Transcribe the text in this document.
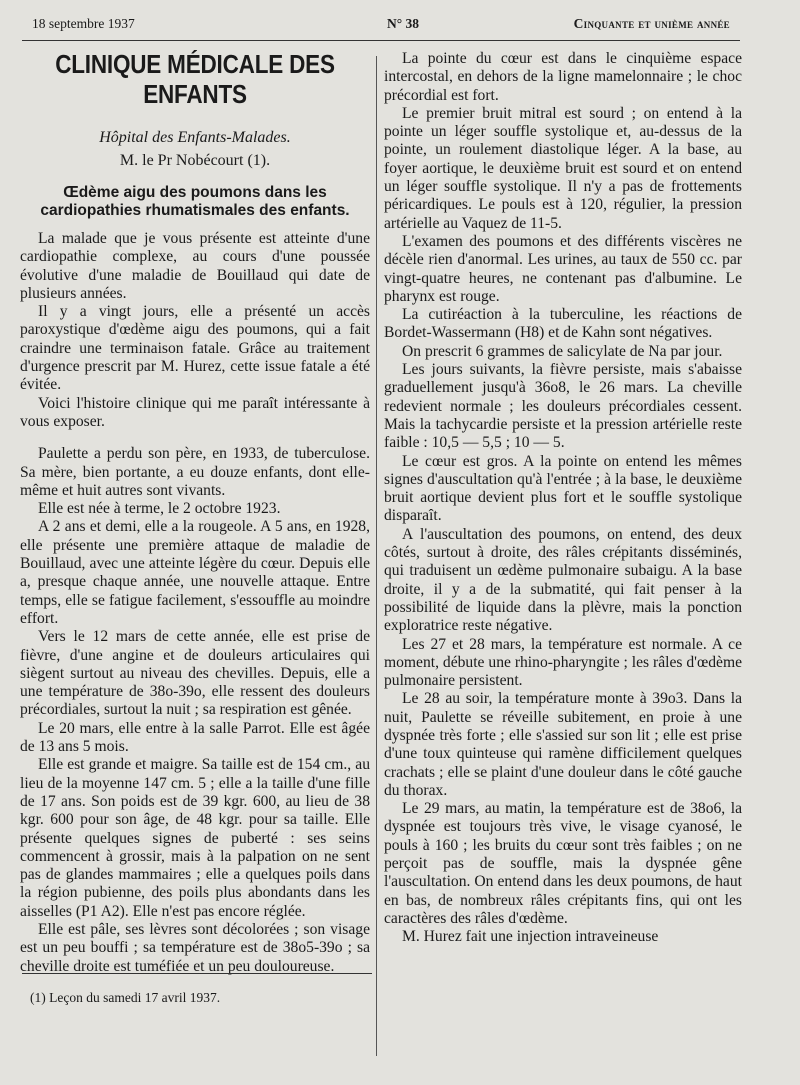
18 septembre 1937	N° 38	Cinquante et unième année
CLINIQUE MÉDICALE DES ENFANTS
Hôpital des Enfants-Malades.
M. le Pr Nobécourt (1).
Œdème aigu des poumons dans les cardiopathies rhumatismales des enfants.

La malade que je vous présente est atteinte d'une cardiopathie complexe, au cours d'une poussée évolutive d'une maladie de Bouillaud qui date de plusieurs années.

Il y a vingt jours, elle a présenté un accès paroxystique d'œdème aigu des poumons, qui a fait craindre une terminaison fatale. Grâce au traitement d'urgence prescrit par M. Hurez, cette issue fatale a été évitée.

Voici l'histoire clinique qui me paraît intéressante à vous exposer.

Paulette a perdu son père, en 1933, de tuberculose. Sa mère, bien portante, a eu douze enfants, dont elle-même et huit autres sont vivants.

Elle est née à terme, le 2 octobre 1923.

A 2 ans et demi, elle a la rougeole. A 5 ans, en 1928, elle présente une première attaque de maladie de Bouillaud, avec une atteinte légère du cœur. Depuis elle a, presque chaque année, une nouvelle attaque. Entre temps, elle se fatigue facilement, s'essouffle au moindre effort.

Vers le 12 mars de cette année, elle est prise de fièvre, d'une angine et de douleurs articulaires qui siègent surtout au niveau des chevilles. Depuis, elle a une température de 38o-39o, elle ressent des douleurs précordiales, surtout la nuit ; sa respiration est gênée.

Le 20 mars, elle entre à la salle Parrot. Elle est âgée de 13 ans 5 mois.

Elle est grande et maigre. Sa taille est de 154 cm., au lieu de la moyenne 147 cm. 5 ; elle a la taille d'une fille de 17 ans. Son poids est de 39 kgr. 600, au lieu de 38 kgr. 600 pour son âge, de 48 kgr. pour sa taille. Elle présente quelques signes de puberté : ses seins commencent à grossir, mais à la palpation on ne sent pas de glandes mammaires ; elle a quelques poils dans la région pubienne, des poils plus abondants dans les aisselles (P1 A2). Elle n'est pas encore réglée.

Elle est pâle, ses lèvres sont décolorées ; son visage est un peu bouffi ; sa température est de 38o5-39o ; sa cheville droite est tuméfiée et un peu douloureuse.

La pointe du cœur est dans le cinquième espace intercostal, en dehors de la ligne mamelonnaire ; le choc précordial est fort.

Le premier bruit mitral est sourd ; on entend à la pointe un léger souffle systolique et, au-dessus de la pointe, un roulement diastolique léger. A la base, au foyer aortique, le deuxième bruit est sourd et on entend un léger souffle systolique. Il n'y a pas de frottements péricardiques. Le pouls est à 120, régulier, la pression artérielle au Vaquez de 11-5.

L'examen des poumons et des différents viscères ne décèle rien d'anormal. Les urines, au taux de 550 cc. par vingt-quatre heures, ne contenant pas d'albumine. Le pharynx est rouge.

La cutiréaction à la tuberculine, les réactions de Bordet-Wassermann (H8) et de Kahn sont négatives.

On prescrit 6 grammes de salicylate de Na par jour.

Les jours suivants, la fièvre persiste, mais s'abaisse graduellement jusqu'à 36o8, le 26 mars. La cheville redevient normale ; les douleurs précordiales cessent. Mais la tachycardie persiste et la pression artérielle reste faible : 10,5 — 5,5 ; 10 — 5.

Le cœur est gros. A la pointe on entend les mêmes signes d'auscultation qu'à l'entrée ; à la base, le deuxième bruit aortique devient plus fort et le souffle systolique disparaît.

A l'auscultation des poumons, on entend, des deux côtés, surtout à droite, des râles crépitants disséminés, qui traduisent un œdème pulmonaire subaigu. A la base droite, il y a de la submatité, qui fait penser à la possibilité de liquide dans la plèvre, mais la ponction exploratrice reste négative.

Les 27 et 28 mars, la température est normale. A ce moment, débute une rhino-pharyngite ; les râles d'œdème pulmonaire persistent.

Le 28 au soir, la température monte à 39o3. Dans la nuit, Paulette se réveille subitement, en proie à une dyspnée très forte ; elle s'assied sur son lit ; elle est prise d'une toux quinteuse qui ramène difficilement quelques crachats ; elle se plaint d'une douleur dans le côté gauche du thorax.

Le 29 mars, au matin, la température est de 38o6, la dyspnée est toujours très vive, le visage cyanosé, le pouls à 160 ; les bruits du cœur sont très faibles ; on ne perçoit pas de souffle, mais la dyspnée gêne l'auscultation. On entend dans les deux poumons, de haut en bas, de nombreux râles crépitants fins, qui ont les caractères des râles d'œdème.

M. Hurez fait une injection intraveineuse

(1) Leçon du samedi 17 avril 1937.
